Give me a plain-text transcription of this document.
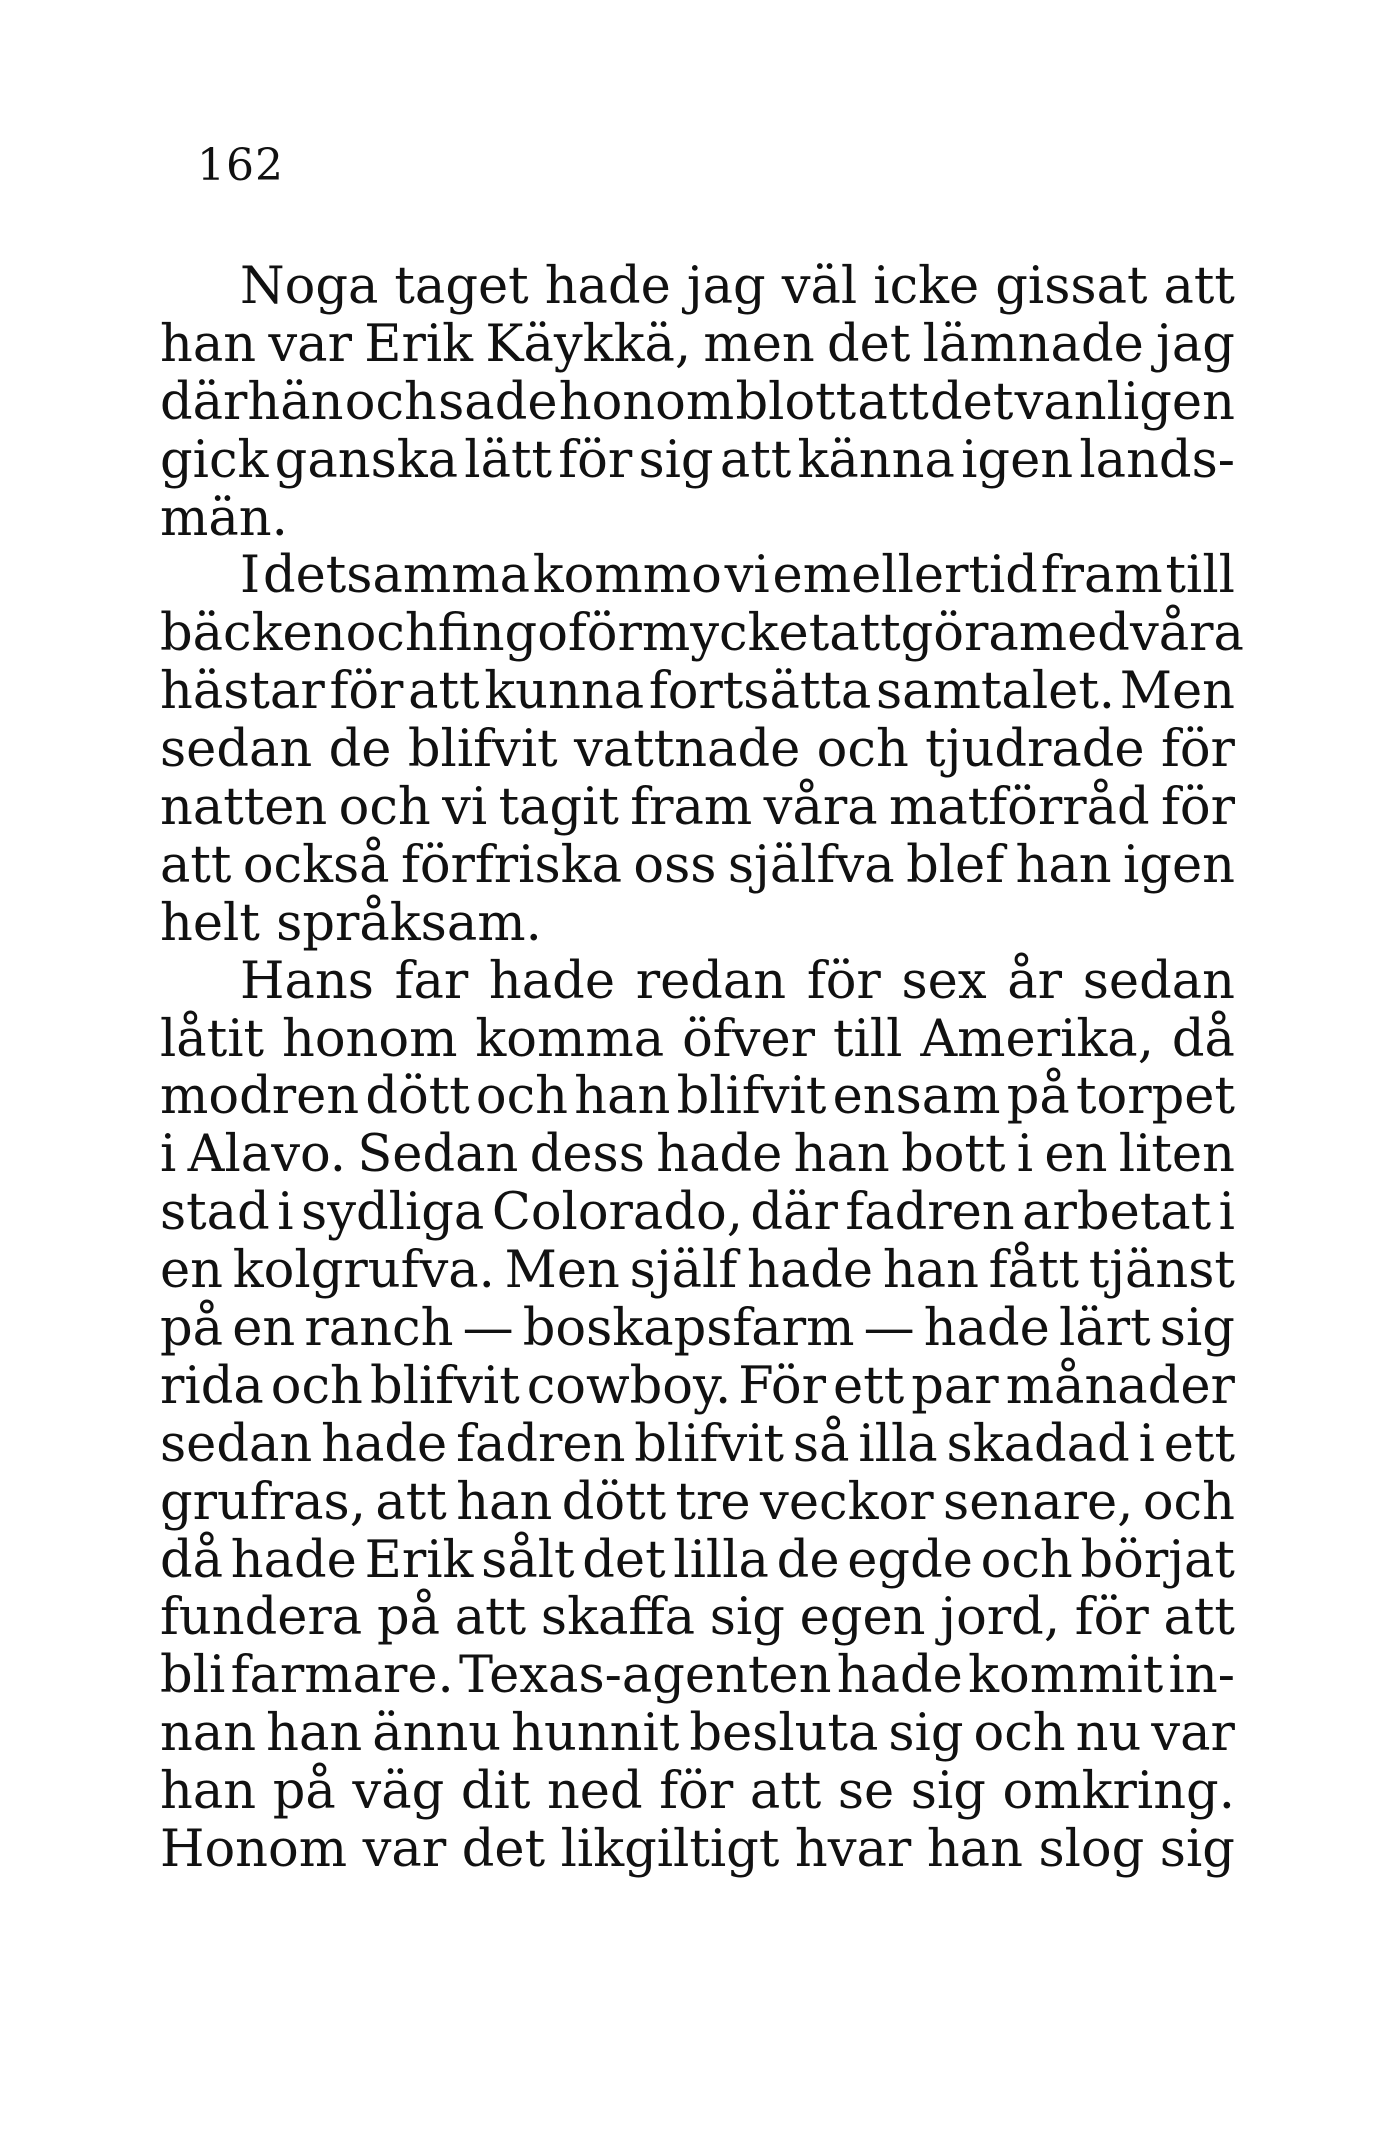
162
Noga taget hade jag väl icke gissat att
han var Erik Käykkä, men det lämnade jag
därhän och sade honom blott att det vanligen
gick ganska lätt för sig att känna igen lands-
män.
I detsamma kommo vi emellertid fram till
bäcken och fingo för mycket att göra med våra
hästar för att kunna fortsätta samtalet. Men
sedan de blifvit vattnade och tjudrade för
natten och vi tagit fram våra matförråd för
att också förfriska oss själfva blef han igen
helt språksam.
Hans far hade redan för sex år sedan
låtit honom komma öfver till Amerika, då
modren dött och han blifvit ensam på torpet
i Alavo. Sedan dess hade han bott i en liten
stad i sydliga Colorado, där fadren arbetat i
en kolgrufva. Men själf hade han fått tjänst
på en ranch — boskapsfarm — hade lärt sig
rida och blifvit cowboy. För ett par månader
sedan hade fadren blifvit så illa skadad i ett
grufras, att han dött tre veckor senare, och
då hade Erik sålt det lilla de egde och börjat
fundera på att skaffa sig egen jord, för att
bli farmare. Texas-agenten hade kommit in-
nan han ännu hunnit besluta sig och nu var
han på väg dit ned för att se sig omkring.
Honom var det likgiltigt hvar han slog sig
